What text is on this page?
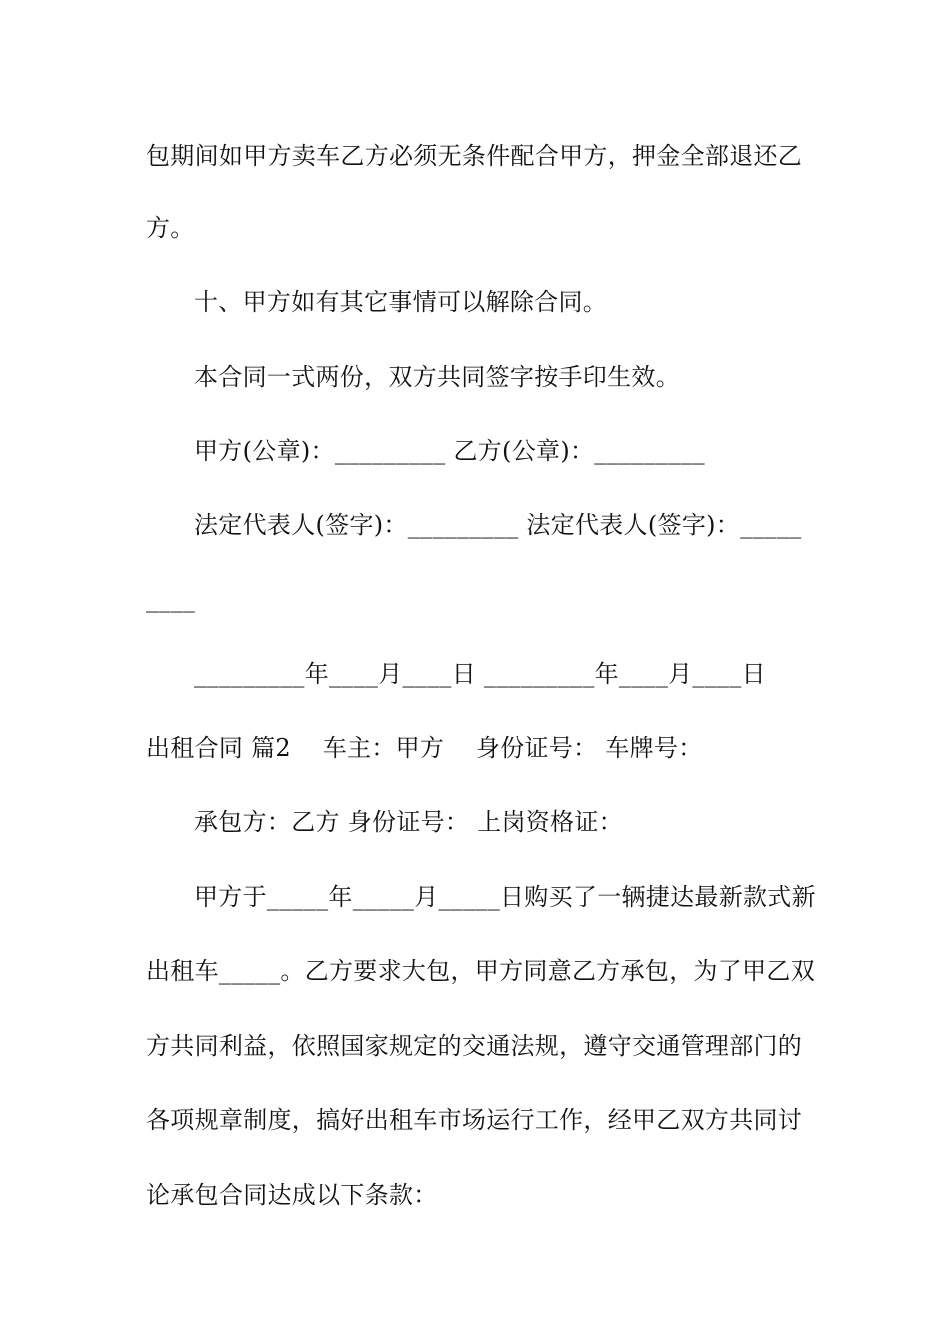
包期间如甲方卖车乙方必须无条件配合甲方，押金全部退还乙
方。
十、甲方如有其它事情可以解除合同。
本合同一式两份，双方共同签字按手印生效。
甲方(公章)：_________ 乙方(公章)：_________
法定代表人(签字)：_________ 法定代表人(签字)：_____
____
_________年____月____日 _________年____月____日
出租合同 篇2    车主：甲方    身份证号： 车牌号：
承包方：乙方 身份证号： 上岗资格证：
甲方于_____年_____月_____日购买了一辆捷达最新款式新
出租车_____。乙方要求大包，甲方同意乙方承包，为了甲乙双
方共同利益，依照国家规定的交通法规，遵守交通管理部门的
各项规章制度，搞好出租车市场运行工作，经甲乙双方共同讨
论承包合同达成以下条款：
